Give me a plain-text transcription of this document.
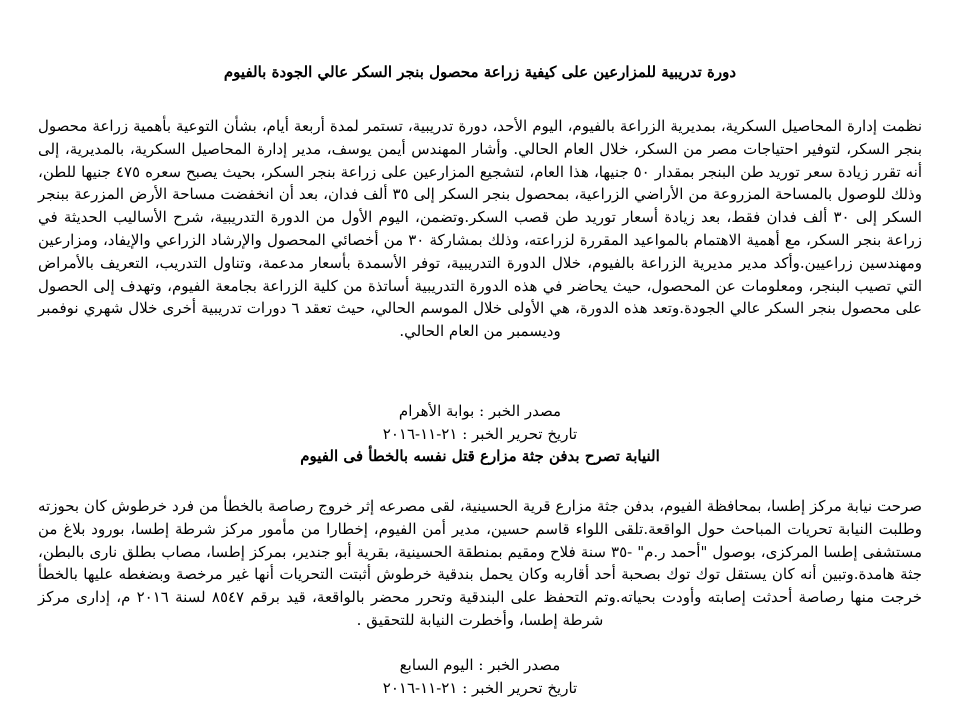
دورة تدريبية للمزارعين على كيفية زراعة محصول بنجر السكر عالي الجودة بالفيوم
نظمت إدارة المحاصيل السكرية، بمديرية الزراعة بالفيوم، اليوم الأحد، دورة تدريبية، تستمر لمدة أربعة أيام، بشأن التوعية بأهمية زراعة محصول بنجر السكر، لتوفير احتياجات مصر من السكر، خلال العام الحالي. وأشار المهندس أيمن يوسف، مدير إدارة المحاصيل السكرية، بالمديرية، إلى أنه تقرر زيادة سعر توريد طن البنجر بمقدار ٥٠ جنيها، هذا العام، لتشجيع المزارعين على زراعة بنجر السكر، بحيث يصبح سعره ٤٧٥ جنيها للطن، وذلك للوصول بالمساحة المزروعة من الأراضي الزراعية، بمحصول بنجر السكر إلى ٣٥ ألف فدان، بعد أن انخفضت مساحة الأرض المزرعة ببنجر السكر إلى ٣٠ ألف فدان فقط، بعد زيادة أسعار توريد طن قصب السكر.وتضمن، اليوم الأول من الدورة التدريبية، شرح الأساليب الحديثة في زراعة بنجر السكر، مع أهمية الاهتمام بالمواعيد المقررة لزراعته، وذلك بمشاركة ٣٠ من أخصائي المحصول والإرشاد الزراعي والإيفاد، ومزارعين ومهندسين زراعيين.وأكد مدير مديرية الزراعة بالفيوم، خلال الدورة التدريبية، توفر الأسمدة بأسعار مدعمة، وتناول التدريب، التعريف بالأمراض التي تصيب البنجر، ومعلومات عن المحصول، حيث يحاضر في هذه الدورة التدريبية أساتذة من كلية الزراعة بجامعة الفيوم، وتهدف إلى الحصول على محصول بنجر السكر عالي الجودة.وتعد هذه الدورة، هي الأولى خلال الموسم الحالي، حيث تعقد ٦ دورات تدريبية أخرى خلال شهري نوفمبر وديسمبر من العام الحالي.
مصدر الخبر : بوابة الأهرام
تاريخ تحرير الخبر : ٢١-١١-٢٠١٦
النيابة تصرح بدفن جثة مزارع قتل نفسه بالخطأ فى الفيوم
صرحت نيابة مركز إطسا، بمحافظة الفيوم، بدفن جثة مزارع قرية الحسينية، لقى مصرعه إثر خروج رصاصة بالخطأ من فرد خرطوش كان بحوزته وطلبت النيابة تحريات المباحث حول الواقعة.تلقى اللواء قاسم حسين، مدير أمن الفيوم، إخطارا من مأمور مركز شرطة إطسا، بورود بلاغ من مستشفى إطسا المركزى، بوصول "أحمد ر.م" -٣٥ سنة فلاح ومقيم بمنطقة الحسينية، بقرية أبو جندير، بمركز إطسا، مصاب بطلق نارى بالبطن، جثة هامدة.وتبين أنه كان يستقل توك توك بصحبة أحد أقاربه وكان يحمل بندقية خرطوش أثبتت التحريات أنها غير مرخصة وبضغطه عليها بالخطأ خرجت منها رصاصة أحدثت إصابته وأودت بحياته.وتم التحفظ على البندقية وتحرر محضر بالواقعة، قيد برقم ٨٥٤٧ لسنة ٢٠١٦ م، إدارى مركز شرطة إطسا، وأخطرت النيابة للتحقيق .
مصدر الخبر : اليوم السابع
تاريخ تحرير الخبر : ٢١-١١-٢٠١٦
